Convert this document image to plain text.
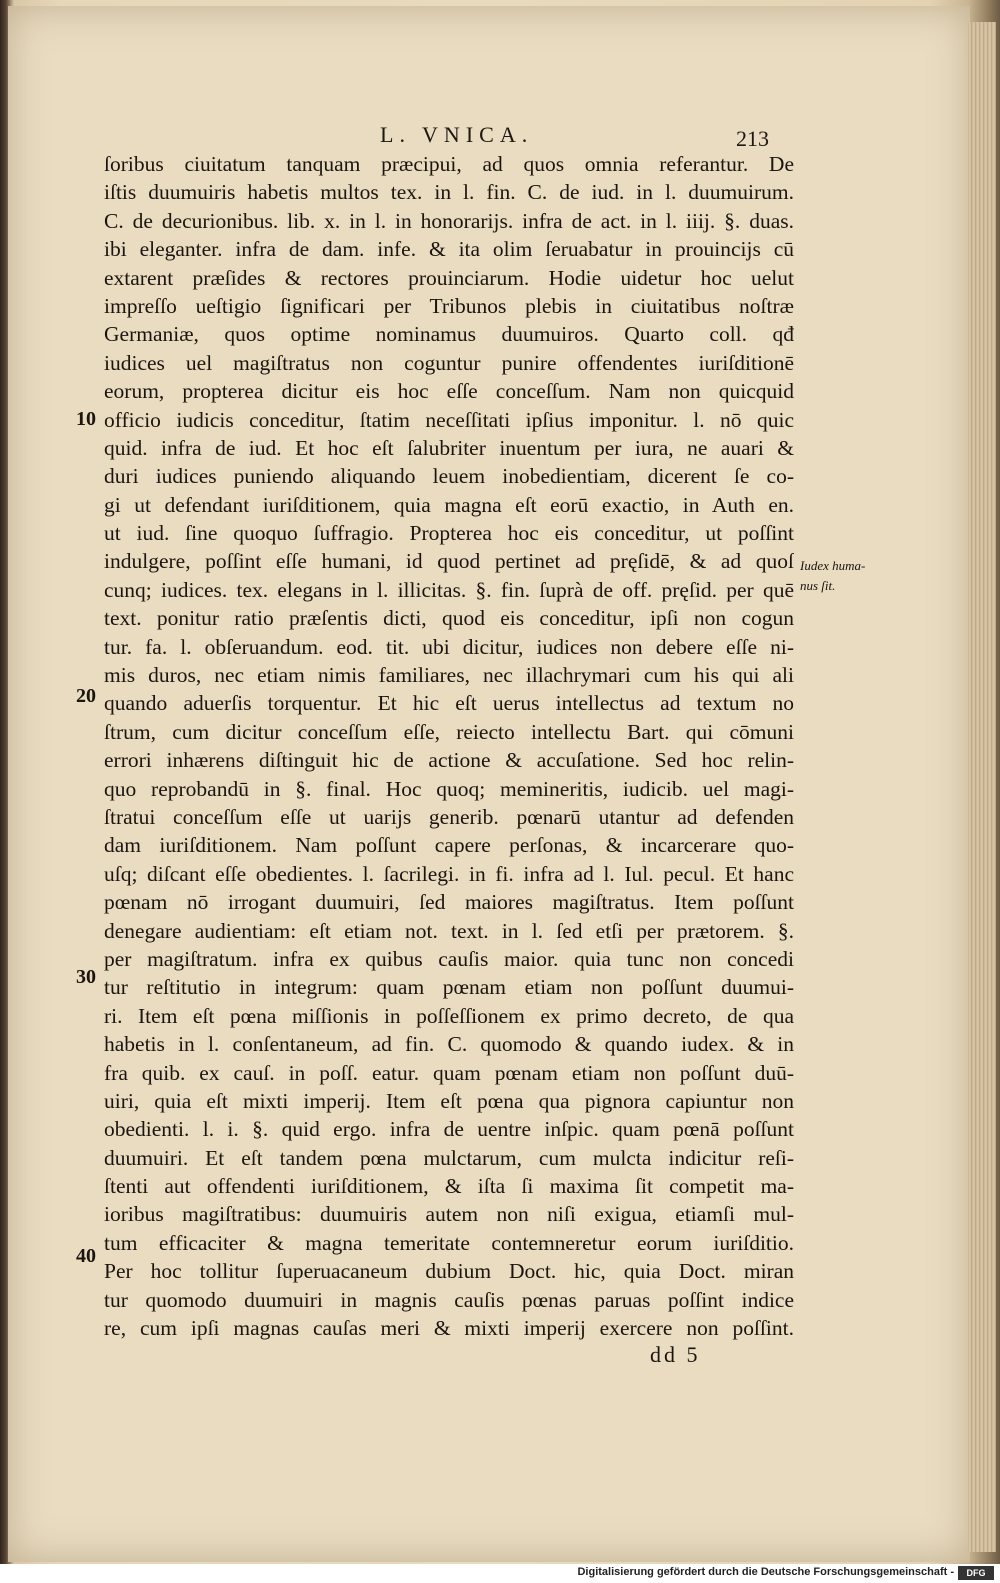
L. VNICA.	213
ſoribus ciuitatum tanquam præcipui, ad quos omnia referantur. De
iſtis duumuiris habetis multos tex. in l. fin. C. de iud. in l. duumuirum.
C. de decurionibus. lib. x. in l. in honorarijs. infra de act. in l. iiij. §. duas.
ibi eleganter. infra de dam. infe. & ita olim ſeruabatur in prouincijs cū
extarent præſides & rectores prouinciarum. Hodie uidetur hoc uelut
impreſſo ueſtigio ſignificari per Tribunos plebis in ciuitatibus noſtræ
Germaniæ, quos optime nominamus duumuiros. Quarto coll. qđ
iudices uel magiſtratus non coguntur punire offendentes iuriſditionē
eorum, propterea dicitur eis hoc eſſe conceſſum. Nam non quicquid
officio iudicis conceditur, ſtatim neceſſitati ipſius imponitur. l. nō quic
quid. infra de iud. Et hoc eſt ſalubriter inuentum per iura, ne auari &
duri iudices puniendo aliquando leuem inobedientiam, dicerent ſe co-
gi ut defendant iuriſditionem, quia magna eſt eorū exactio, in Auth en.
ut iud. ſine quoquo ſuffragio. Propterea hoc eis conceditur, ut poſſint
indulgere, poſſint eſſe humani, id quod pertinet ad pręſidē, & ad quoſ
cunq; iudices. tex. elegans in l. illicitas. §. fin. ſuprà de off. pręſid. per quē
text. ponitur ratio præſentis dicti, quod eis conceditur, ipſi non cogun
tur. fa. l. obſeruandum. eod. tit. ubi dicitur, iudices non debere eſſe ni-
mis duros, nec etiam nimis familiares, nec illachrymari cum his qui ali
quando aduerſis torquentur. Et hic eſt uerus intellectus ad textum no
ſtrum, cum dicitur conceſſum eſſe, reiecto intellectu Bart. qui cōmuni
errori inhærens diſtinguit hic de actione & accuſatione. Sed hoc relin-
quo reprobandū in §. final. Hoc quoq; memineritis, iudicib. uel magi-
ſtratui conceſſum eſſe ut uarijs generib. pœnarū utantur ad defenden
dam iuriſditionem. Nam poſſunt capere perſonas, & incarcerare quo-
uſq; diſcant eſſe obedientes. l. ſacrilegi. in fi. infra ad l. Iul. pecul. Et hanc
pœnam nō irrogant duumuiri, ſed maiores magiſtratus. Item poſſunt
denegare audientiam: eſt etiam not. text. in l. ſed etſi per prætorem. §.
per magiſtratum. infra ex quibus cauſis maior. quia tunc non concedi
tur reſtitutio in integrum: quam pœnam etiam non poſſunt duumui-
ri. Item eſt pœna miſſionis in poſſeſſionem ex primo decreto, de qua
habetis in l. conſentaneum, ad fin. C. quomodo & quando iudex. & in
fra quib. ex cauſ. in poſſ. eatur. quam pœnam etiam non poſſunt duū-
uiri, quia eſt mixti imperij. Item eſt pœna qua pignora capiuntur non
obedienti. l. i. §. quid ergo. infra de uentre inſpic. quam pœnā poſſunt
duumuiri. Et eſt tandem pœna mulctarum, cum mulcta indicitur reſi-
ſtenti aut offendenti iuriſditionem, & iſta ſi maxima ſit competit ma-
ioribus magiſtratibus: duumuiris autem non niſi exigua, etiamſi mul-
tum efficaciter & magna temeritate contemneretur eorum iuriſditio.
Per hoc tollitur ſuperuacaneum dubium Doct. hic, quia Doct. miran
tur quomodo duumuiri in magnis cauſis pœnas paruas poſſint indice
re, cum ipſi magnas cauſas meri & mixti imperij exercere non poſſint.
10
20
30
40
Iudex huma-
nus ſit.
dd 5
Digitalisierung gefördert durch die Deutsche Forschungsgemeinschaft -	DFG
